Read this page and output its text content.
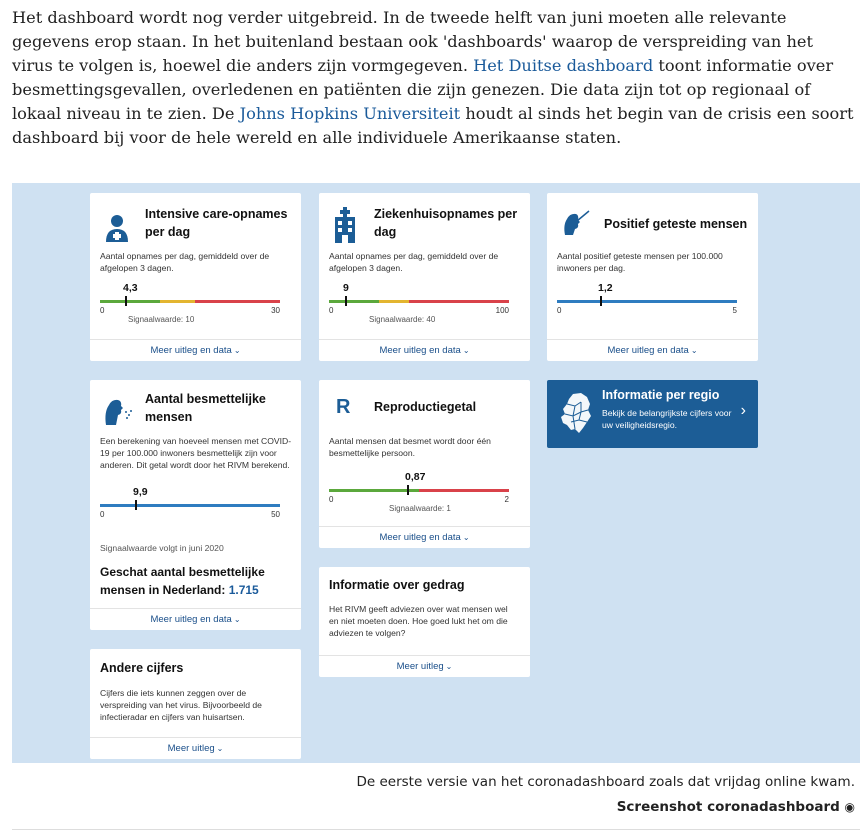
Het dashboard wordt nog verder uitgebreid. In de tweede helft van juni moeten alle relevante gegevens erop staan. In het buitenland bestaan ook 'dashboards' waarop de verspreiding van het virus te volgen is, hoewel die anders zijn vormgegeven. Het Duitse dashboard toont informatie over besmettingsgevallen, overledenen en patiënten die zijn genezen. Die data zijn tot op regionaal of lokaal niveau in te zien. De Johns Hopkins Universiteit houdt al sinds het begin van de crisis een soort dashboard bij voor de hele wereld en alle individuele Amerikaanse staten.
Intensive care-opnames per dag
Aantal opnames per dag, gemiddeld over de afgelopen 3 dagen.
4,3
0	30
Signaalwaarde: 10
Meer uitleg en data ⌄
Ziekenhuisopnames per dag
Aantal opnames per dag, gemiddeld over de afgelopen 3 dagen.
9
0	100
Signaalwaarde: 40
Meer uitleg en data ⌄
Positief geteste mensen
Aantal positief geteste mensen per 100.000 inwoners per dag.
1,2
0	5
Meer uitleg en data ⌄
Aantal besmettelijke mensen
Een berekening van hoeveel mensen met COVID-19 per 100.000 inwoners besmettelijk zijn voor anderen. Dit getal wordt door het RIVM berekend.
9,9
0	50
Signaalwaarde volgt in juni 2020
Geschat aantal besmettelijke mensen in Nederland: 1.715
Meer uitleg en data ⌄
R Reproductiegetal
Aantal mensen dat besmet wordt door één besmettelijke persoon.
0,87
0	2
Signaalwaarde: 1
Meer uitleg en data ⌄
Informatie per regio
Bekijk de belangrijkste cijfers voor uw veiligheidsregio.
›
Informatie over gedrag
Het RIVM geeft adviezen over wat mensen wel en niet moeten doen. Hoe goed lukt het om die adviezen te volgen?
Meer uitleg ⌄
Andere cijfers
Cijfers die iets kunnen zeggen over de verspreiding van het virus. Bijvoorbeeld de infectieradar en cijfers van huisartsen.
Meer uitleg ⌄
De eerste versie van het coronadashboard zoals dat vrijdag online kwam.
Screenshot coronadashboard ◉
